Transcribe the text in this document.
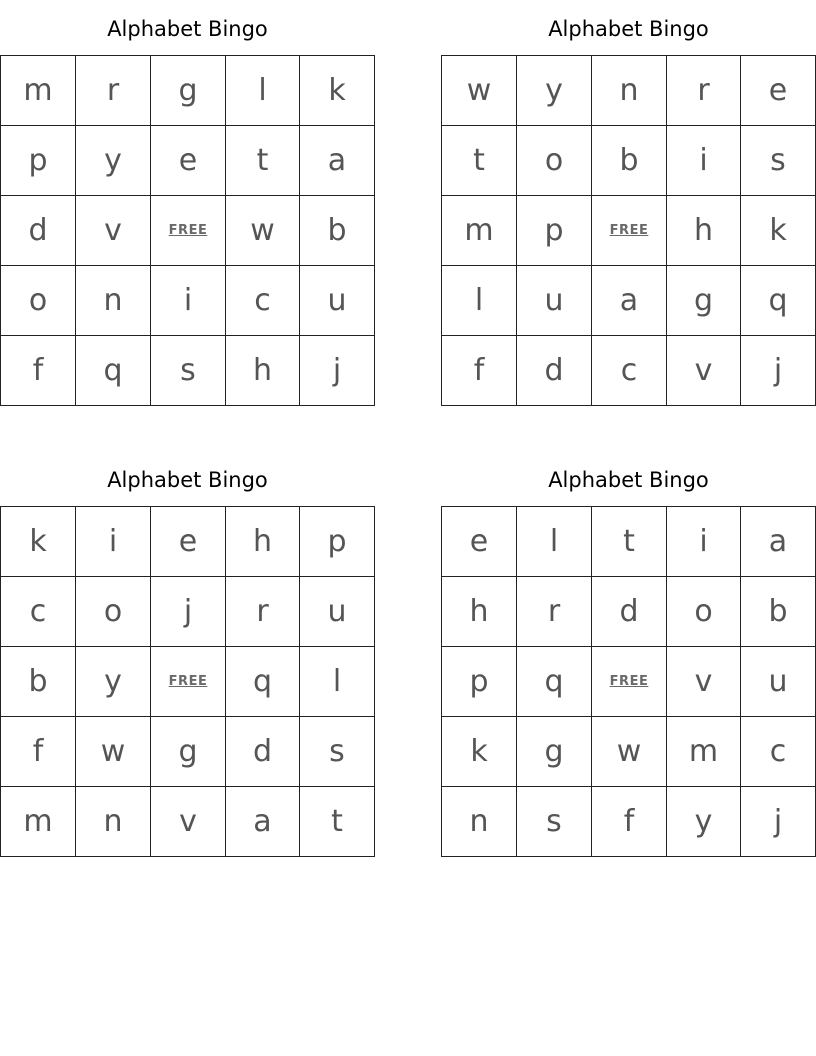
Alphabet Bingo
m	r	g	l	k
p	y	e	t	a
d	v	FREE	w	b
o	n	i	c	u
f	q	s	h	j
Alphabet Bingo
w	y	n	r	e
t	o	b	i	s
m	p	FREE	h	k
l	u	a	g	q
f	d	c	v	j
Alphabet Bingo
k	i	e	h	p
c	o	j	r	u
b	y	FREE	q	l
f	w	g	d	s
m	n	v	a	t
Alphabet Bingo
e	l	t	i	a
h	r	d	o	b
p	q	FREE	v	u
k	g	w	m	c
n	s	f	y	j
